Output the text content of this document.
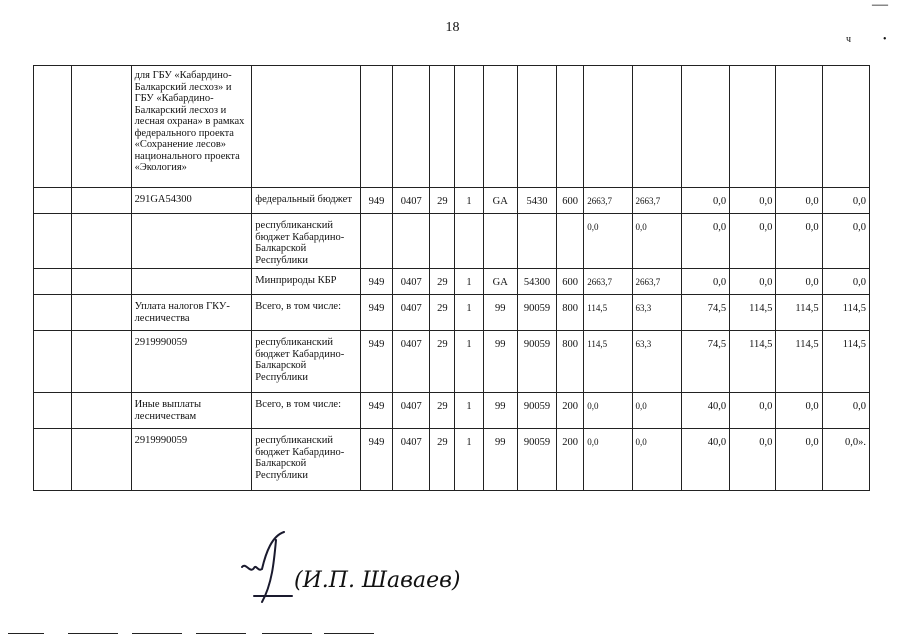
18
ч
—
•
		для ГБУ «Кабардино-Балкарский лесхоз» и ГБУ «Кабардино-Балкарский лесхоз и лесная охрана» в рамках федерального проекта «Сохранение лесов» национального проекта «Экология»														
		291GA54300	федеральный бюджет	949	0407	29	1	GA	5430	600	2663,7	2663,7	0,0	0,0	0,0	0,0
			республиканский бюджет Кабардино-Балкарской Республики								0,0	0,0	0,0	0,0	0,0	0,0
			Минприроды КБР	949	0407	29	1	GA	54300	600	2663,7	2663,7	0,0	0,0	0,0	0,0
		Уплата налогов ГКУ-лесничества	Всего, в том числе:	949	0407	29	1	99	90059	800	114,5	63,3	74,5	114,5	114,5	114,5
		2919990059	республиканский бюджет Кабардино-Балкарской Республики	949	0407	29	1	99	90059	800	114,5	63,3	74,5	114,5	114,5	114,5
		Иные выплаты лесничествам	Всего, в том числе:	949	0407	29	1	99	90059	200	0,0	0,0	40,0	0,0	0,0	0,0
		2919990059	республиканский бюджет Кабардино-Балкарской Республики	949	0407	29	1	99	90059	200	0,0	0,0	40,0	0,0	0,0	0,0».
(И.П. Шаваев)
